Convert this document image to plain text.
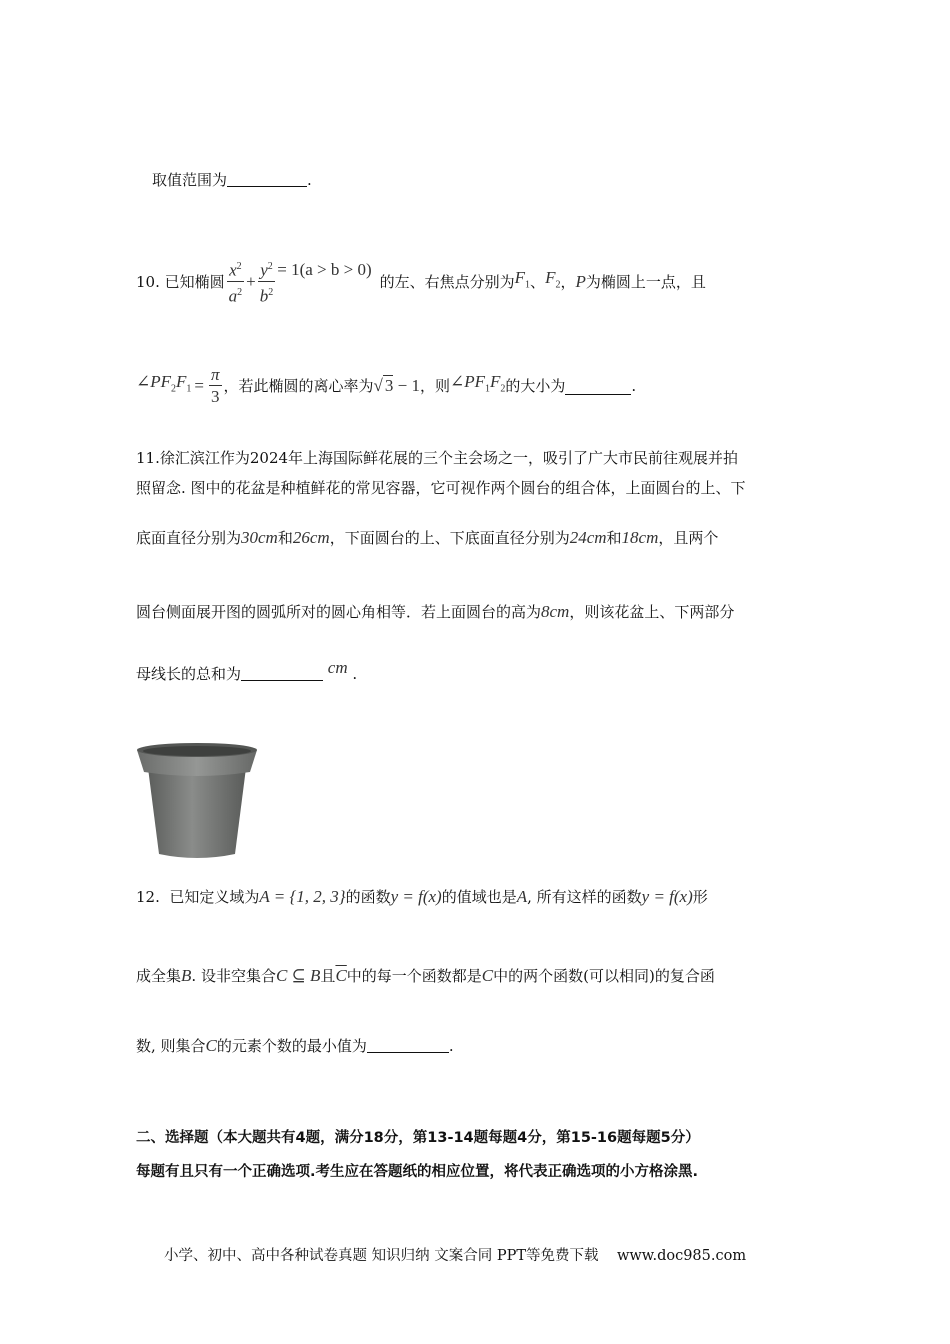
取值范围为	.
10.
已知椭圆 $\frac{x^2}{a^2} + \frac{y^2}{b^2} = 1(a > b > 0)$
的左、右焦点分别为 $F_1$ 、 $F_2$ ， P 为椭圆上一点，且
$\angle PF_2F_1 = \frac{\pi}{3}$ ，若此椭圆的离心率为 √ 3 − 1 ，则 $\angle PF_1F_2$ 的大小为	.
11.徐汇滨江作为2024年上海国际鲜花展的三个主会场之一，吸引了广大市民前往观展并拍
照留念. 图中的花盆是种植鲜花的常见容器，它可视作两个圆台的组合体，上面圆台的上、下
底面直径分别为30cm和26cm，下面圆台的上、下底面直径分别为24cm和18cm，且两个
圆台侧面展开图的圆弧所对的圆心角相等．若上面圆台的高为8cm，则该花盆上、下两部分
母线长的总和为	cm .
12. 已知定义域为A = {1, 2, 3}的函数y = f(x)的值域也是A, 所有这样的函数y = f(x)形
成全集B. 设非空集合C ⊆ B且$\overline{C}$中的每一个函数都是C中的两个函数(可以相同)的复合函
数, 则集合C的元素个数的最小值为	.
二、选择题（本大题共有4题，满分18分，第13-14题每题4分，第15-16题每题5分）
每题有且只有一个正确选项.考生应在答题纸的相应位置，将代表正确选项的小方格涂黑.
小学、初中、高中各种试卷真题 知识归纳 文案合同 PPT等免费下载 www.doc985.com
